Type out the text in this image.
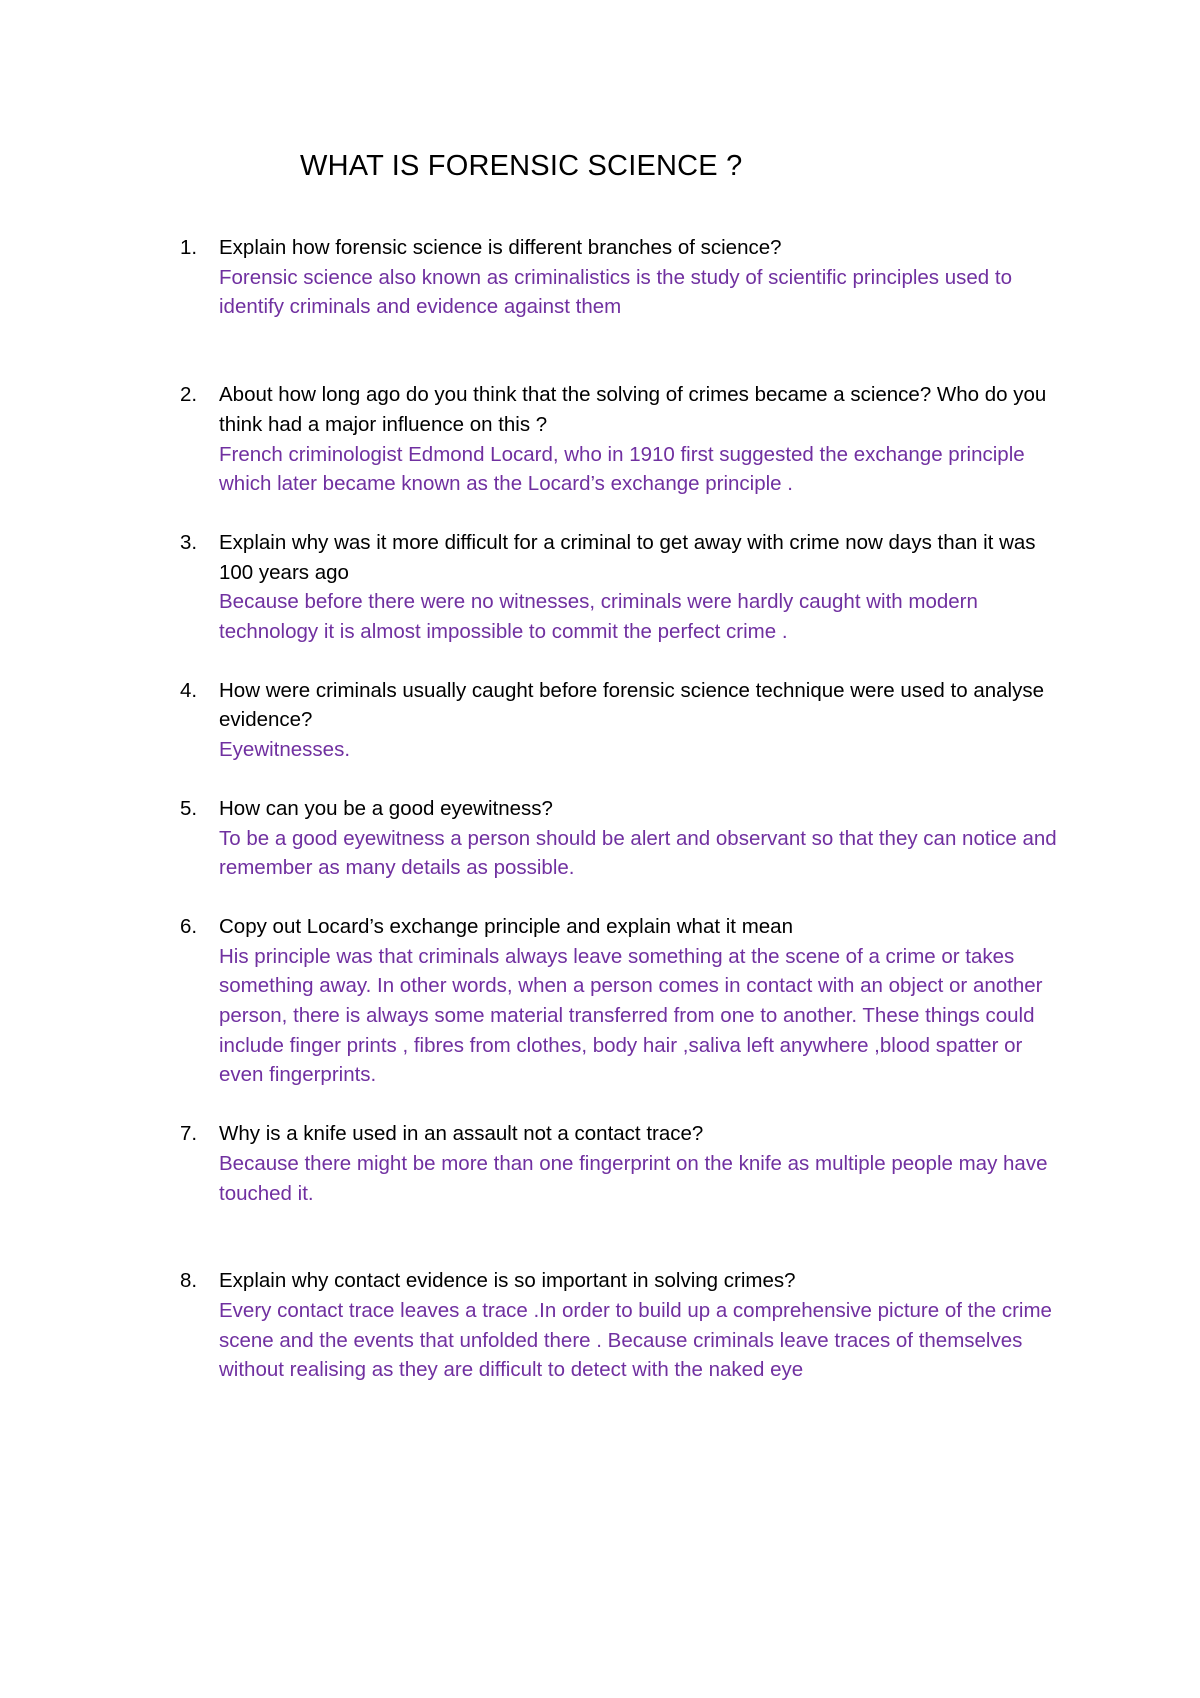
WHAT IS FORENSIC SCIENCE ?
1. Explain how forensic science is different branches of science?
Forensic science also known as criminalistics is the study of scientific principles used to identify criminals and evidence against them
2. About how long ago do you think that the solving of crimes became a science? Who do you think had a major influence on this ?
French criminologist Edmond Locard, who in 1910 first suggested the exchange principle which later became known as the Locard’s exchange principle .
3. Explain why was it more difficult for a criminal to get away with crime now days than it was 100 years ago
Because before there were no witnesses, criminals were hardly caught with modern technology it is almost impossible to commit the perfect crime .
4. How were criminals usually caught before forensic science technique were used to analyse evidence?
Eyewitnesses.
5. How can you be a good eyewitness?
To be a good eyewitness a person should be alert and observant so that they can notice and remember as many details as possible.
6. Copy out Locard’s exchange principle and explain what it mean
His principle was that criminals always leave something at the scene of a crime or takes something away. In other words, when a person comes in contact with an object or another person, there is always some material transferred from one to another. These things could include finger prints , fibres from clothes, body hair ,saliva left anywhere ,blood spatter or even fingerprints.
7. Why is a knife used in an assault not a contact trace?
Because there might be more than one fingerprint on the knife as multiple people may have touched it.
8. Explain why contact evidence is so important in solving crimes?
Every contact trace leaves a trace .In order to build up a comprehensive picture of the crime scene and the events that unfolded there . Because criminals leave traces of themselves without realising as they are difficult to detect with the naked eye
